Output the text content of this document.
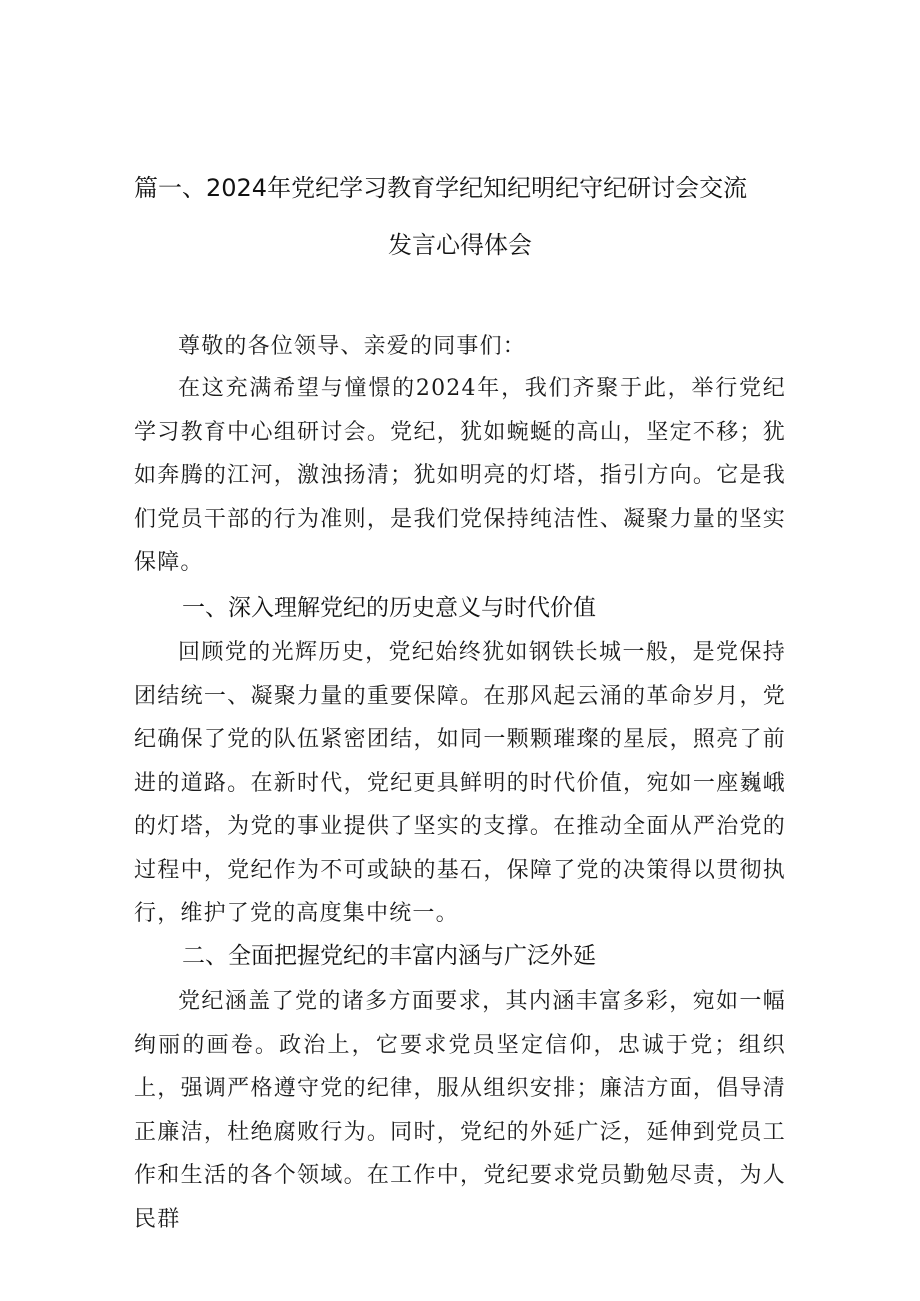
篇一、2024年党纪学习教育学纪知纪明纪守纪研讨会交流
发言心得体会

尊敬的各位领导、亲爱的同事们：

在这充满希望与憧憬的2024年，我们齐聚于此，举行党纪学习教育中心组研讨会。党纪，犹如蜿蜒的高山，坚定不移；犹如奔腾的江河，激浊扬清；犹如明亮的灯塔，指引方向。它是我们党员干部的行为准则，是我们党保持纯洁性、凝聚力量的坚实保障。

一、深入理解党纪的历史意义与时代价值

回顾党的光辉历史，党纪始终犹如钢铁长城一般，是党保持团结统一、凝聚力量的重要保障。在那风起云涌的革命岁月，党纪确保了党的队伍紧密团结，如同一颗颗璀璨的星辰，照亮了前进的道路。在新时代，党纪更具鲜明的时代价值，宛如一座巍峨的灯塔，为党的事业提供了坚实的支撑。在推动全面从严治党的过程中，党纪作为不可或缺的基石，保障了党的决策得以贯彻执行，维护了党的高度集中统一。

二、全面把握党纪的丰富内涵与广泛外延

党纪涵盖了党的诸多方面要求，其内涵丰富多彩，宛如一幅绚丽的画卷。政治上，它要求党员坚定信仰，忠诚于党；组织上，强调严格遵守党的纪律，服从组织安排；廉洁方面，倡导清正廉洁，杜绝腐败行为。同时，党纪的外延广泛，延伸到党员工作和生活的各个领域。在工作中，党纪要求党员勤勉尽责，为人民群
